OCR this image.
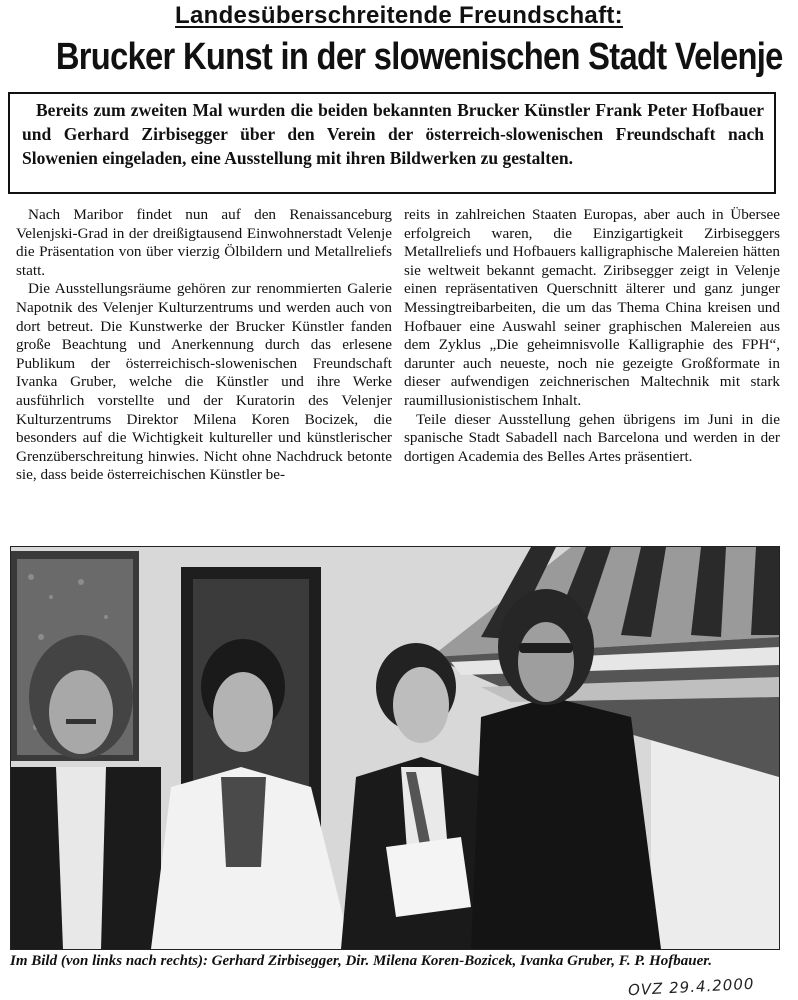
Landesüberschreitende Freundschaft:
Brucker Kunst in der slowenischen Stadt Velenje
Bereits zum zweiten Mal wurden die beiden bekannten Brucker Künstler Frank Peter Hofbauer und Gerhard Zirbisegger über den Verein der österreich-slowenischen Freundschaft nach Slowenien eingeladen, eine Ausstellung mit ihren Bildwerken zu gestalten.

Nach Maribor findet nun auf den Renaissanceburg Velenjski-Grad in der dreißigtausend Einwohnerstadt Velenje die Präsentation von über vierzig Ölbildern und Metallreliefs statt.

Die Ausstellungsräume gehören zur renommierten Galerie Napotnik des Velenjer Kulturzentrums und werden auch von dort betreut. Die Kunstwerke der Brucker Künstler fanden große Beachtung und Anerkennung durch das erlesene Publikum der österreichisch-slowenischen Freundschaft Ivanka Gruber, welche die Künstler und ihre Werke ausführlich vorstellte und der Kuratorin des Velenjer Kulturzentrums Direktor Milena Koren Bocizek, die besonders auf die Wichtigkeit kultureller und künstlerischer Grenzüberschreitung hinwies. Nicht ohne Nachdruck betonte sie, dass beide österreichischen Künstler be-

reits in zahlreichen Staaten Europas, aber auch in Übersee erfolgreich waren, die Einzigartigkeit Zirbiseggers Metallreliefs und Hofbauers kalligraphische Malereien hätten sie weltweit bekannt gemacht. Ziribsegger zeigt in Velenje einen repräsentativen Querschnitt älterer und ganz junger Messingtreibarbeiten, die um das Thema China kreisen und Hofbauer eine Auswahl seiner graphischen Malereien aus dem Zyklus „Die geheimnisvolle Kalligraphie des FPH“, darunter auch neueste, noch nie gezeigte Großformate in dieser aufwendigen zeichnerischen Maltechnik mit stark raumillusionistischem Inhalt.

Teile dieser Ausstellung gehen übrigens im Juni in die spanische Stadt Sabadell nach Barcelona und werden in der dortigen Academia des Belles Artes präsentiert.

Im Bild (von links nach rechts): Gerhard Zirbisegger, Dir. Milena Koren-Bozicek, Ivanka Gruber, F. P. Hofbauer.
OVZ 29.4.2000
